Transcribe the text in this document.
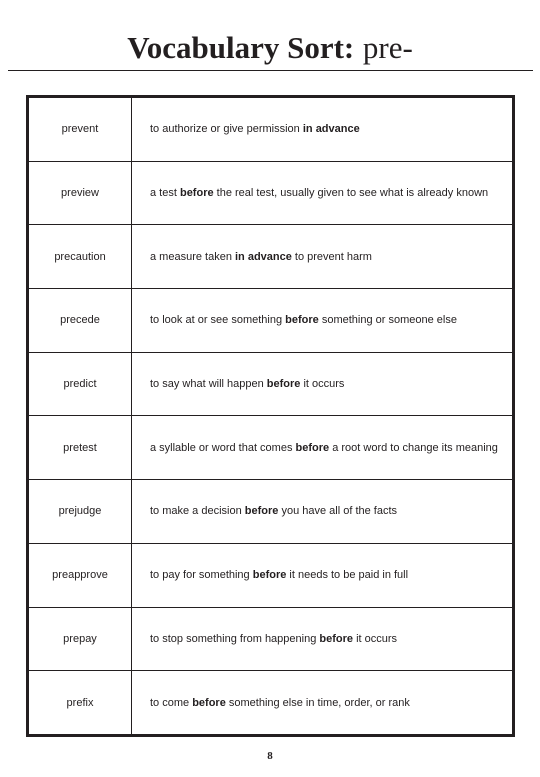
Vocabulary Sort: pre-
prevent	to authorize or give permission in advance
preview	a test before the real test, usually given to see what is already known
precaution	a measure taken in advance to prevent harm
precede	to look at or see something before something or someone else
predict	to say what will happen before it occurs
pretest	a syllable or word that comes before a root word to change its meaning
prejudge	to make a decision before you have all of the facts
preapprove	to pay for something before it needs to be paid in full
prepay	to stop something from happening before it occurs
prefix	to come before something else in time, order, or rank
8
